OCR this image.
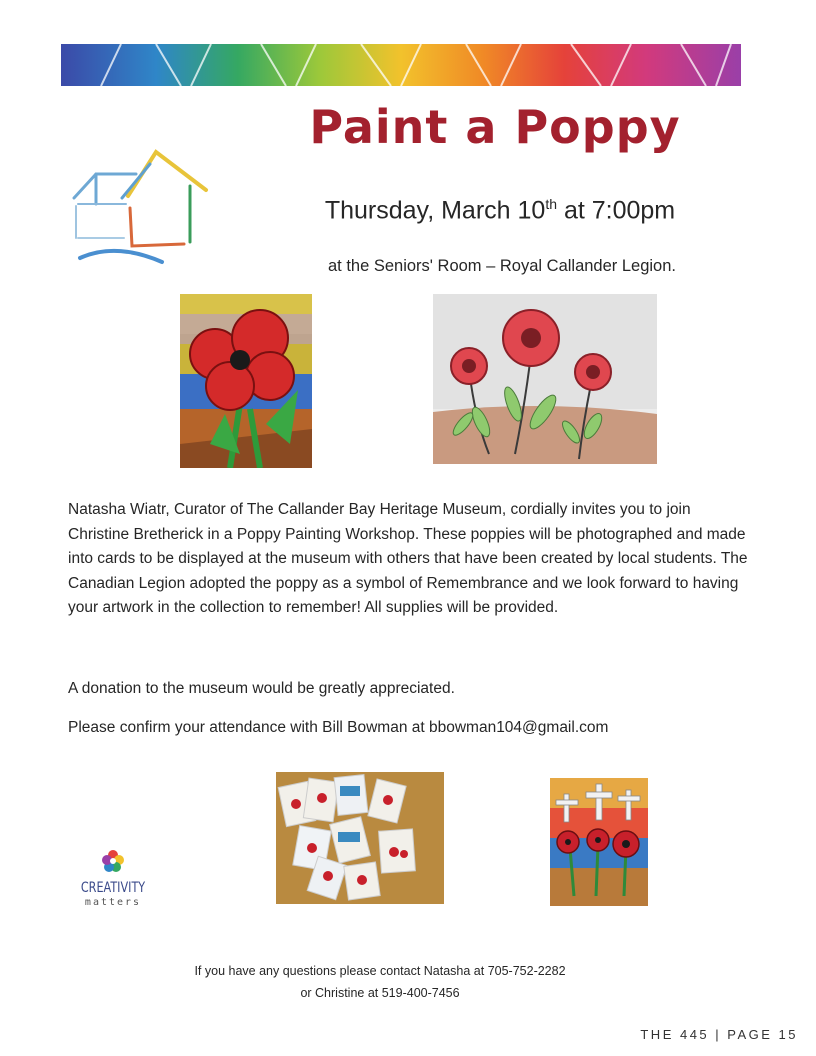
Paint a Poppy
Thursday, March 10th at 7:00pm
at the Seniors' Room – Royal Callander Legion.

Natasha Wiatr, Curator of The Callander Bay Heritage Museum, cordially invites you to join Christine Bretherick in a Poppy Painting Workshop. These poppies will be photographed and made into cards to be displayed at the museum with others that have been created by local students. The Canadian Legion adopted the poppy as a symbol of Remembrance and we look forward to having your artwork in the collection to remember! All supplies will be provided.

A donation to the museum would be greatly appreciated.
Please confirm your attendance with Bill Bowman at bbowman104@gmail.com
CREATIVITY
matters
If you have any questions please contact Natasha at 705-752-2282
or Christine at 519-400-7456
THE 445 | PAGE 15
